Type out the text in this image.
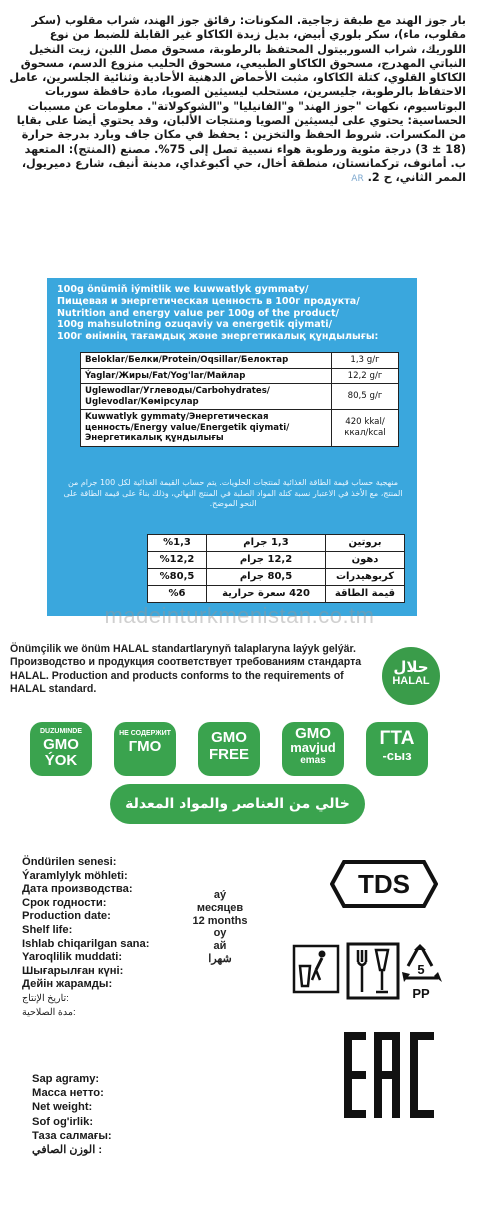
بار جوز الهند مع طبقة زجاجية. المكونات: رقائق جوز الهند، شراب مقلوب (سكر مقلوب، ماء)، سكر بلوري أبيض، بديل زبدة الكاكاو غير القابلة للضبط من نوع اللوريك، شراب السوربيتول المحتفظ بالرطوبة، مسحوق مصل اللبن، زيت النخيل النباتي المهدرج، مسحوق الكاكاو الطبيعي، مسحوق الحليب منزوع الدسم، مسحوق الكاكاو القلوي، كتلة الكاكاو، مثبت الأحماض الدهنية الأحادية وثنائية الجلسرين، عامل الاحتفاظ بالرطوبة، جليسرين، مستحلب ليسيثين الصويا، مادة حافظة سوربات البوتاسيوم، نكهات "جوز الهند" و"الفانيليا" و"الشوكولاتة". معلومات عن مسببات الحساسية: يحتوي على ليسيثين الصويا ومنتجات الألبان، وقد يحتوي أيضا على بقايا من المكسرات. شروط الحفظ والتخزين : يحفظ في مكان جاف وبارد بدرجة حرارة (18 ± 3) درجة مئوية ورطوبة هواء نسبية تصل إلى 75%. مصنع (المنتج): المتعهد ب. أمانوف، تركمانستان، منطقة أخال، حي أكبوغداي، مدينة أنيف، شارع دميريول، الممر الثاني، ح 2. AR
100g önümiň iýmitlik we kuwwatlyk gymmaty/
Пищевая и энергетическая ценность в 100г продукта/
Nutrition and energy value per 100g of the product/
100g mahsulotning ozuqaviy va energetik qiymati/
100г өнімнің тағамдық және энергетикалық құндылығы:
Beloklar/Белки/Protein/Oqsillar/Белоктар	1,3 g/г
Ýaglar/Жиры/Fat/Yog'lar/Майлар	12,2 g/г
Uglewodlar/Углеводы/Carbohydrates/ Uglevodlar/Көмірсулар	80,5 g/г
Kuwwatlyk gymmaty/Энергетическая ценность/Energy value/Energetik qiymati/ Энергетикалық құндылығы	420 kkal/ ккал/kcal
منهجية حساب قيمة الطاقة الغذائية لمنتجات الحلويات. يتم حساب القيمة الغذائية لكل 100 جرام من المنتج، مع الأخذ في الاعتبار نسبة كتلة المواد الصلبة في المنتج النهائي، وذلك بناءً على قيمة الطاقة على النحو الموضح.
بروتين	1,3 جرام	%1,3
دهون	12,2 جرام	%12,2
كربوهيدرات	80,5 جرام	%80,5
قيمة الطاقة	420 سعرة حرارية	%6
madeinturkmenistan.co.tm
Önümçilik we önüm HALAL standartlarynyň talaplaryna laýyk gelýär. Производство и продукция соответствует требованиям стандарта HALAL. Production and products conforms to the requirements of HALAL standard.
حلال
HALAL
DUZUMINDE
GMO
ÝOK
НЕ СОДЕРЖИТ
ГМО
GMO
FREE
GMO
mavjud
emas
ГТА
-сыз
خالي من العناصر والمواد المعدلة وراثيًا.
Öndürilen senesi:
Ýaramlylyk möhleti:
Дата производства:
Срок годности:
Production date:
Shelf life:
Ishlab chiqarilgan sana:
Yaroqlilik muddati:
Шығарылған күні:
Дейін жарамды:
تاريخ الإنتاج:
مدة الصلاحية:
aý
месяцев
12 months
oy
ай
شهرا
Sap agramy:
Масса нетто:
Net weight:
Sof og'irlik:
Таза салмағы:
الوزن الصافي :
TDS
5
PP
